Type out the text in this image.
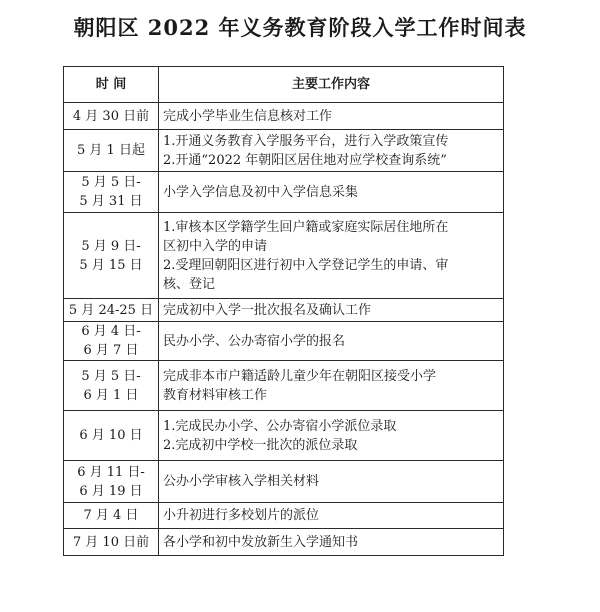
朝阳区 2022 年义务教育阶段入学工作时间表
时 间	主要工作内容

4 月 30 日前	完成小学毕业生信息核对工作

5 月 1 日起	1.开通义务教育入学服务平台，进行入学政策宣传
2.开通“2022 年朝阳区居住地对应学校查询系统”

5 月 5 日-
5 月 31 日	小学入学信息及初中入学信息采集

5 月 9 日-
5 月 15 日	1.审核本区学籍学生回户籍或家庭实际居住地所在
区初中入学的申请
2.受理回朝阳区进行初中入学登记学生的申请、审
核、登记

5 月 24-25 日	完成初中入学一批次报名及确认工作

6 月 4 日-
6 月 7 日	民办小学、公办寄宿小学的报名

5 月 5 日-
6 月 1 日	完成非本市户籍适龄儿童少年在朝阳区接受小学
教育材料审核工作

6 月 10 日	1.完成民办小学、公办寄宿小学派位录取
2.完成初中学校一批次的派位录取

6 月 11 日-
6 月 19 日	公办小学审核入学相关材料

7 月 4 日	小升初进行多校划片的派位

7 月 10 日前	各小学和初中发放新生入学通知书
